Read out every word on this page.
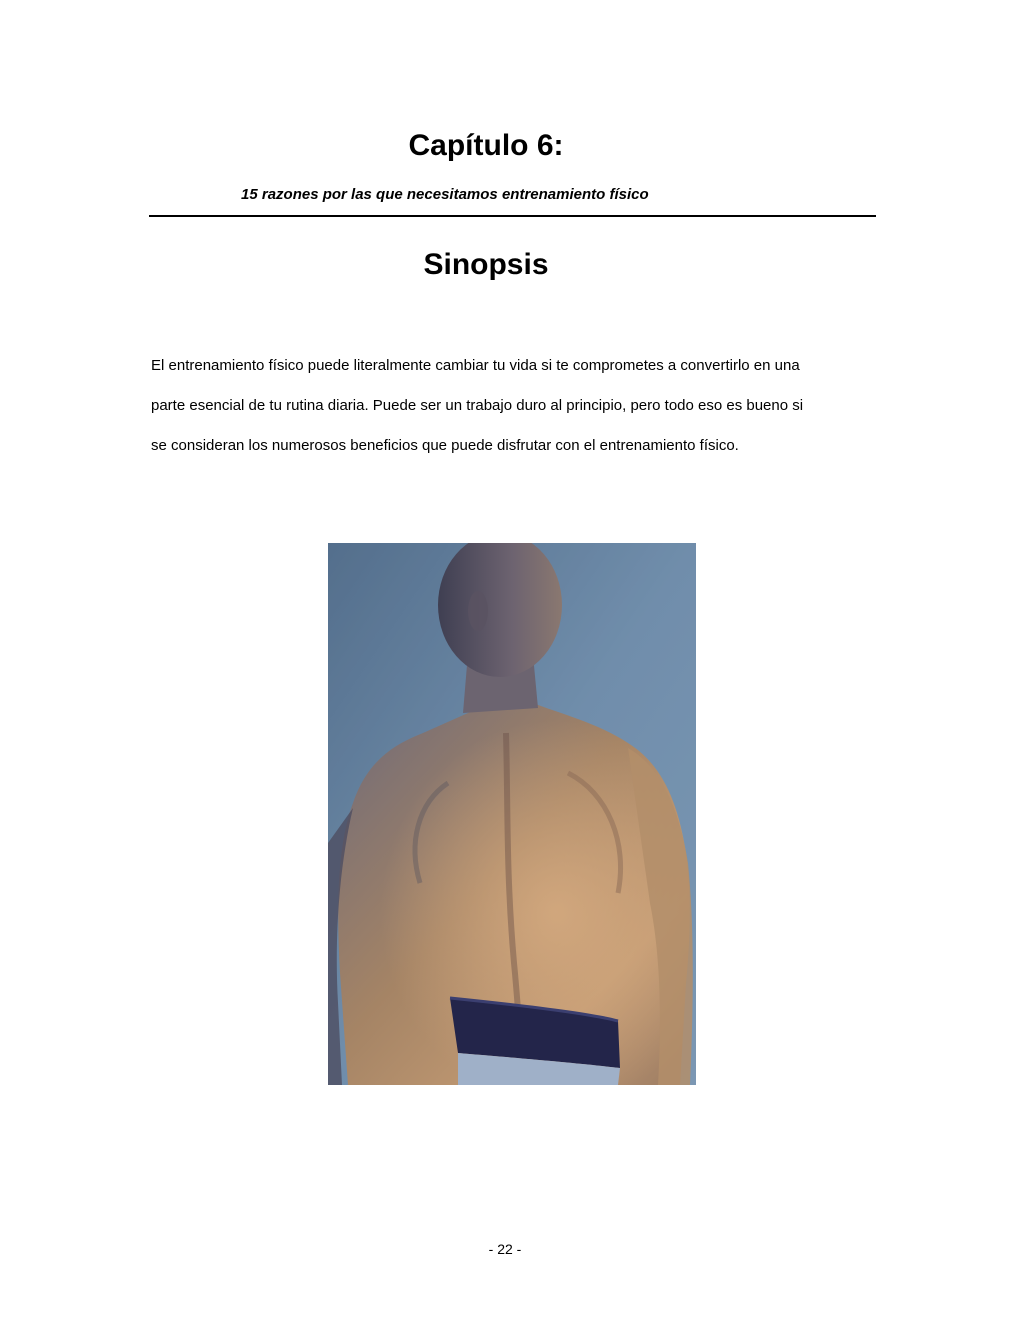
Capítulo 6:

15 razones por las que necesitamos entrenamiento físico

Sinopsis

El entrenamiento físico puede literalmente cambiar tu vida si te comprometes a convertirlo en una
parte esencial de tu rutina diaria. Puede ser un trabajo duro al principio, pero todo eso es bueno si
se consideran los numerosos beneficios que puede disfrutar con el entrenamiento físico.

- 22 -
